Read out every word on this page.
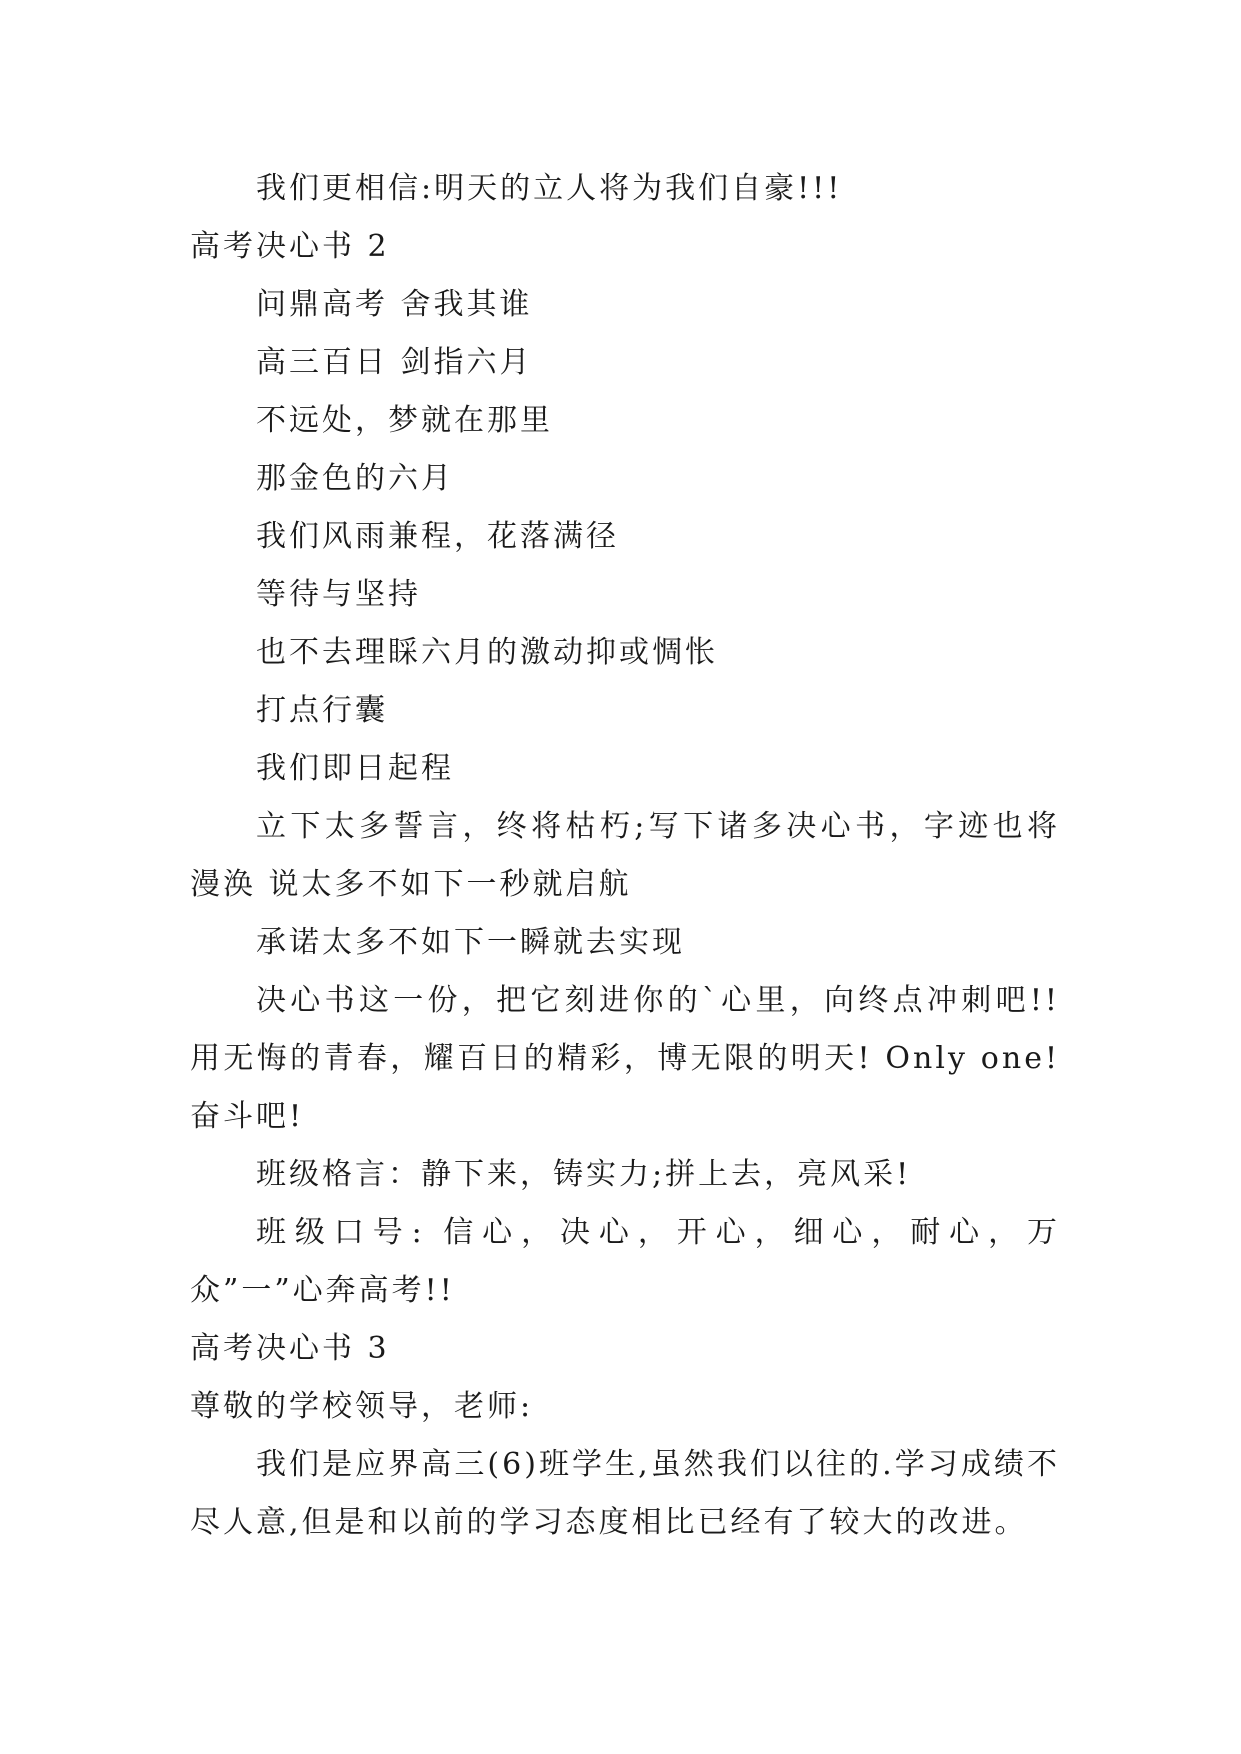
我们更相信:明天的立人将为我们自豪!!!
高考决心书 2
问鼎高考 舍我其谁
高三百日 剑指六月
不远处，梦就在那里
那金色的六月
我们风雨兼程，花落满径
等待与坚持
也不去理睬六月的激动抑或惆怅
打点行囊
我们即日起程
立下太多誓言，终将枯朽;写下诸多决心书，字迹也将漫涣 说太多不如下一秒就启航
承诺太多不如下一瞬就去实现
决心书这一份，把它刻进你的`心里，向终点冲刺吧!!用无悔的青春，耀百日的精彩，博无限的明天! Only one!奋斗吧!
班级格言：静下来，铸实力;拼上去，亮风采!
班级口号: 信心，决心，开心，细心，耐心，万众”一”心奔高考!!
高考决心书 3
尊敬的学校领导，老师:
我们是应界高三(6)班学生,虽然我们以往的.学习成绩不尽人意,但是和以前的学习态度相比已经有了较大的改进。
